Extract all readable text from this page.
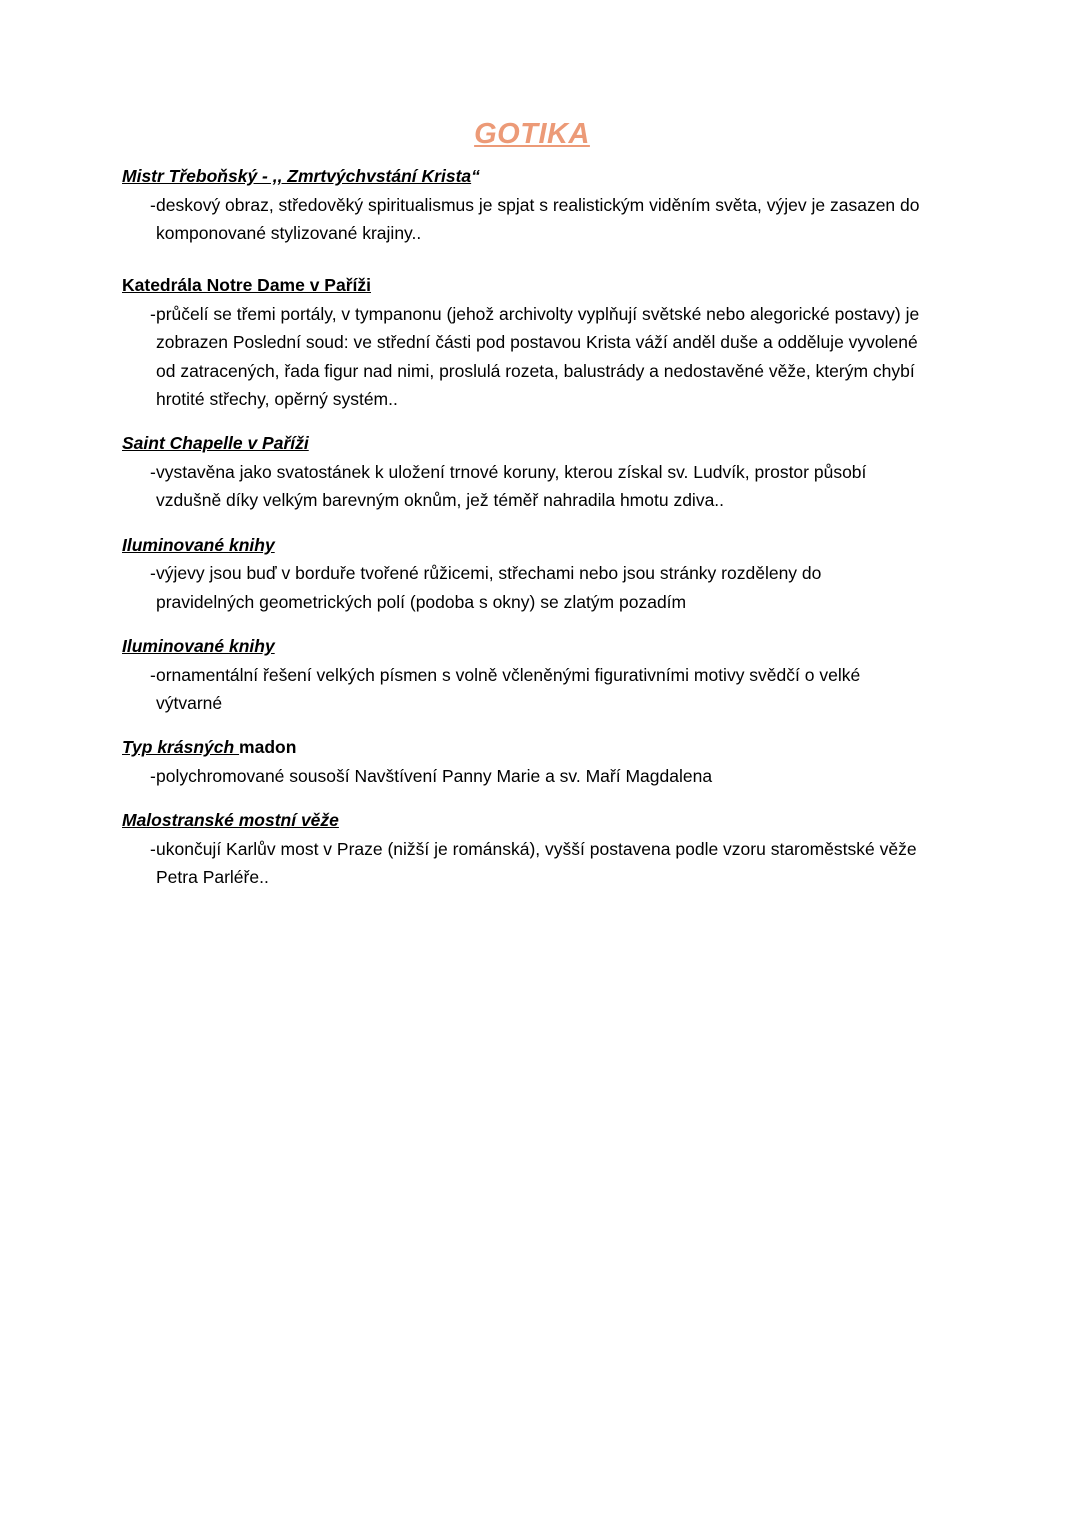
GOTIKA

Mistr Třeboňský - ,, Zmrtvýchvstání Krista“

- deskový obraz, středověký spiritualismus je spjat s realistickým viděním světa, výjev je zasazen do komponované stylizované krajiny..

Katedrála Notre Dame v Paříži

- průčelí se třemi portály, v tympanonu (jehož archivolty vyplňují světské nebo alegorické postavy) je zobrazen Poslední soud: ve střední části pod postavou Krista váží anděl duše a odděluje vyvolené od zatracených, řada figur nad nimi, proslulá rozeta, balustrády a nedostavěné věže, kterým chybí hrotité střechy, opěrný systém..

Saint Chapelle v Paříži

- vystavěna jako svatostánek k uložení trnové koruny, kterou získal sv. Ludvík, prostor působí vzdušně díky velkým barevným oknům, jež téměř nahradila hmotu zdiva..

Iluminované knihy

- výjevy jsou buď v borduře tvořené růžicemi, střechami nebo jsou stránky rozděleny do pravidelných geometrických polí (podoba s okny) se zlatým pozadím

Iluminované knihy

- ornamentální řešení velkých písmen s volně včleněnými figurativními motivy svědčí o velké výtvarné

Typ krásných madon

- polychromované sousoší Navštívení Panny Marie a sv. Maří Magdalena

Malostranské mostní věže

- ukončují Karlův most v Praze (nižší je románská), vyšší postavena podle vzoru staroměstské věže Petra Parléře..
